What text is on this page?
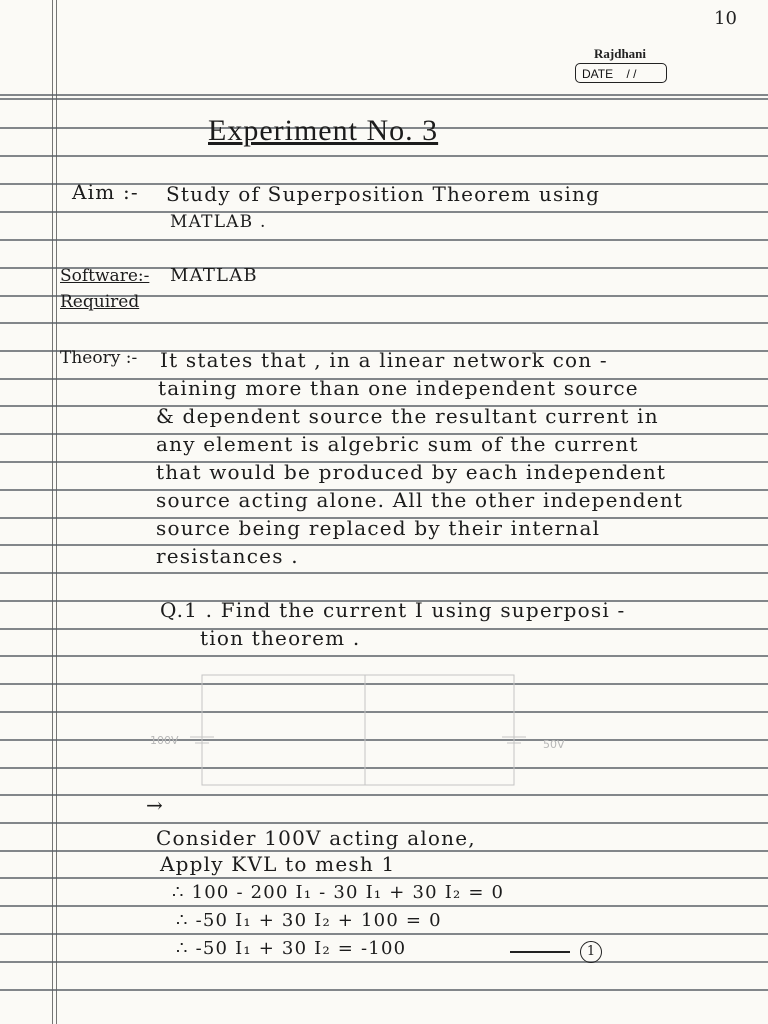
10
Rajdhani
DATE / /
Experiment No. 3
Aim :- Study of Superposition Theorem using
MATLAB .
Software:- MATLAB
Required
Theory :- It states that , in a linear network con -
taining more than one independent source
& dependent source the resultant current in
any element is algebric sum of the current
that would be produced by each independent
source acting alone. All the other independent
source being replaced by their internal
resistances .
Q.1 . Find the current I using superposi -
tion theorem .
100V	50V
→
Consider 100V acting alone,
Apply KVL to mesh 1
∴ 100 - 200 I₁ - 30 I₁ + 30 I₂ = 0
∴ -50 I₁ + 30 I₂ + 100 = 0
∴ -50 I₁ + 30 I₂ = -100	1
